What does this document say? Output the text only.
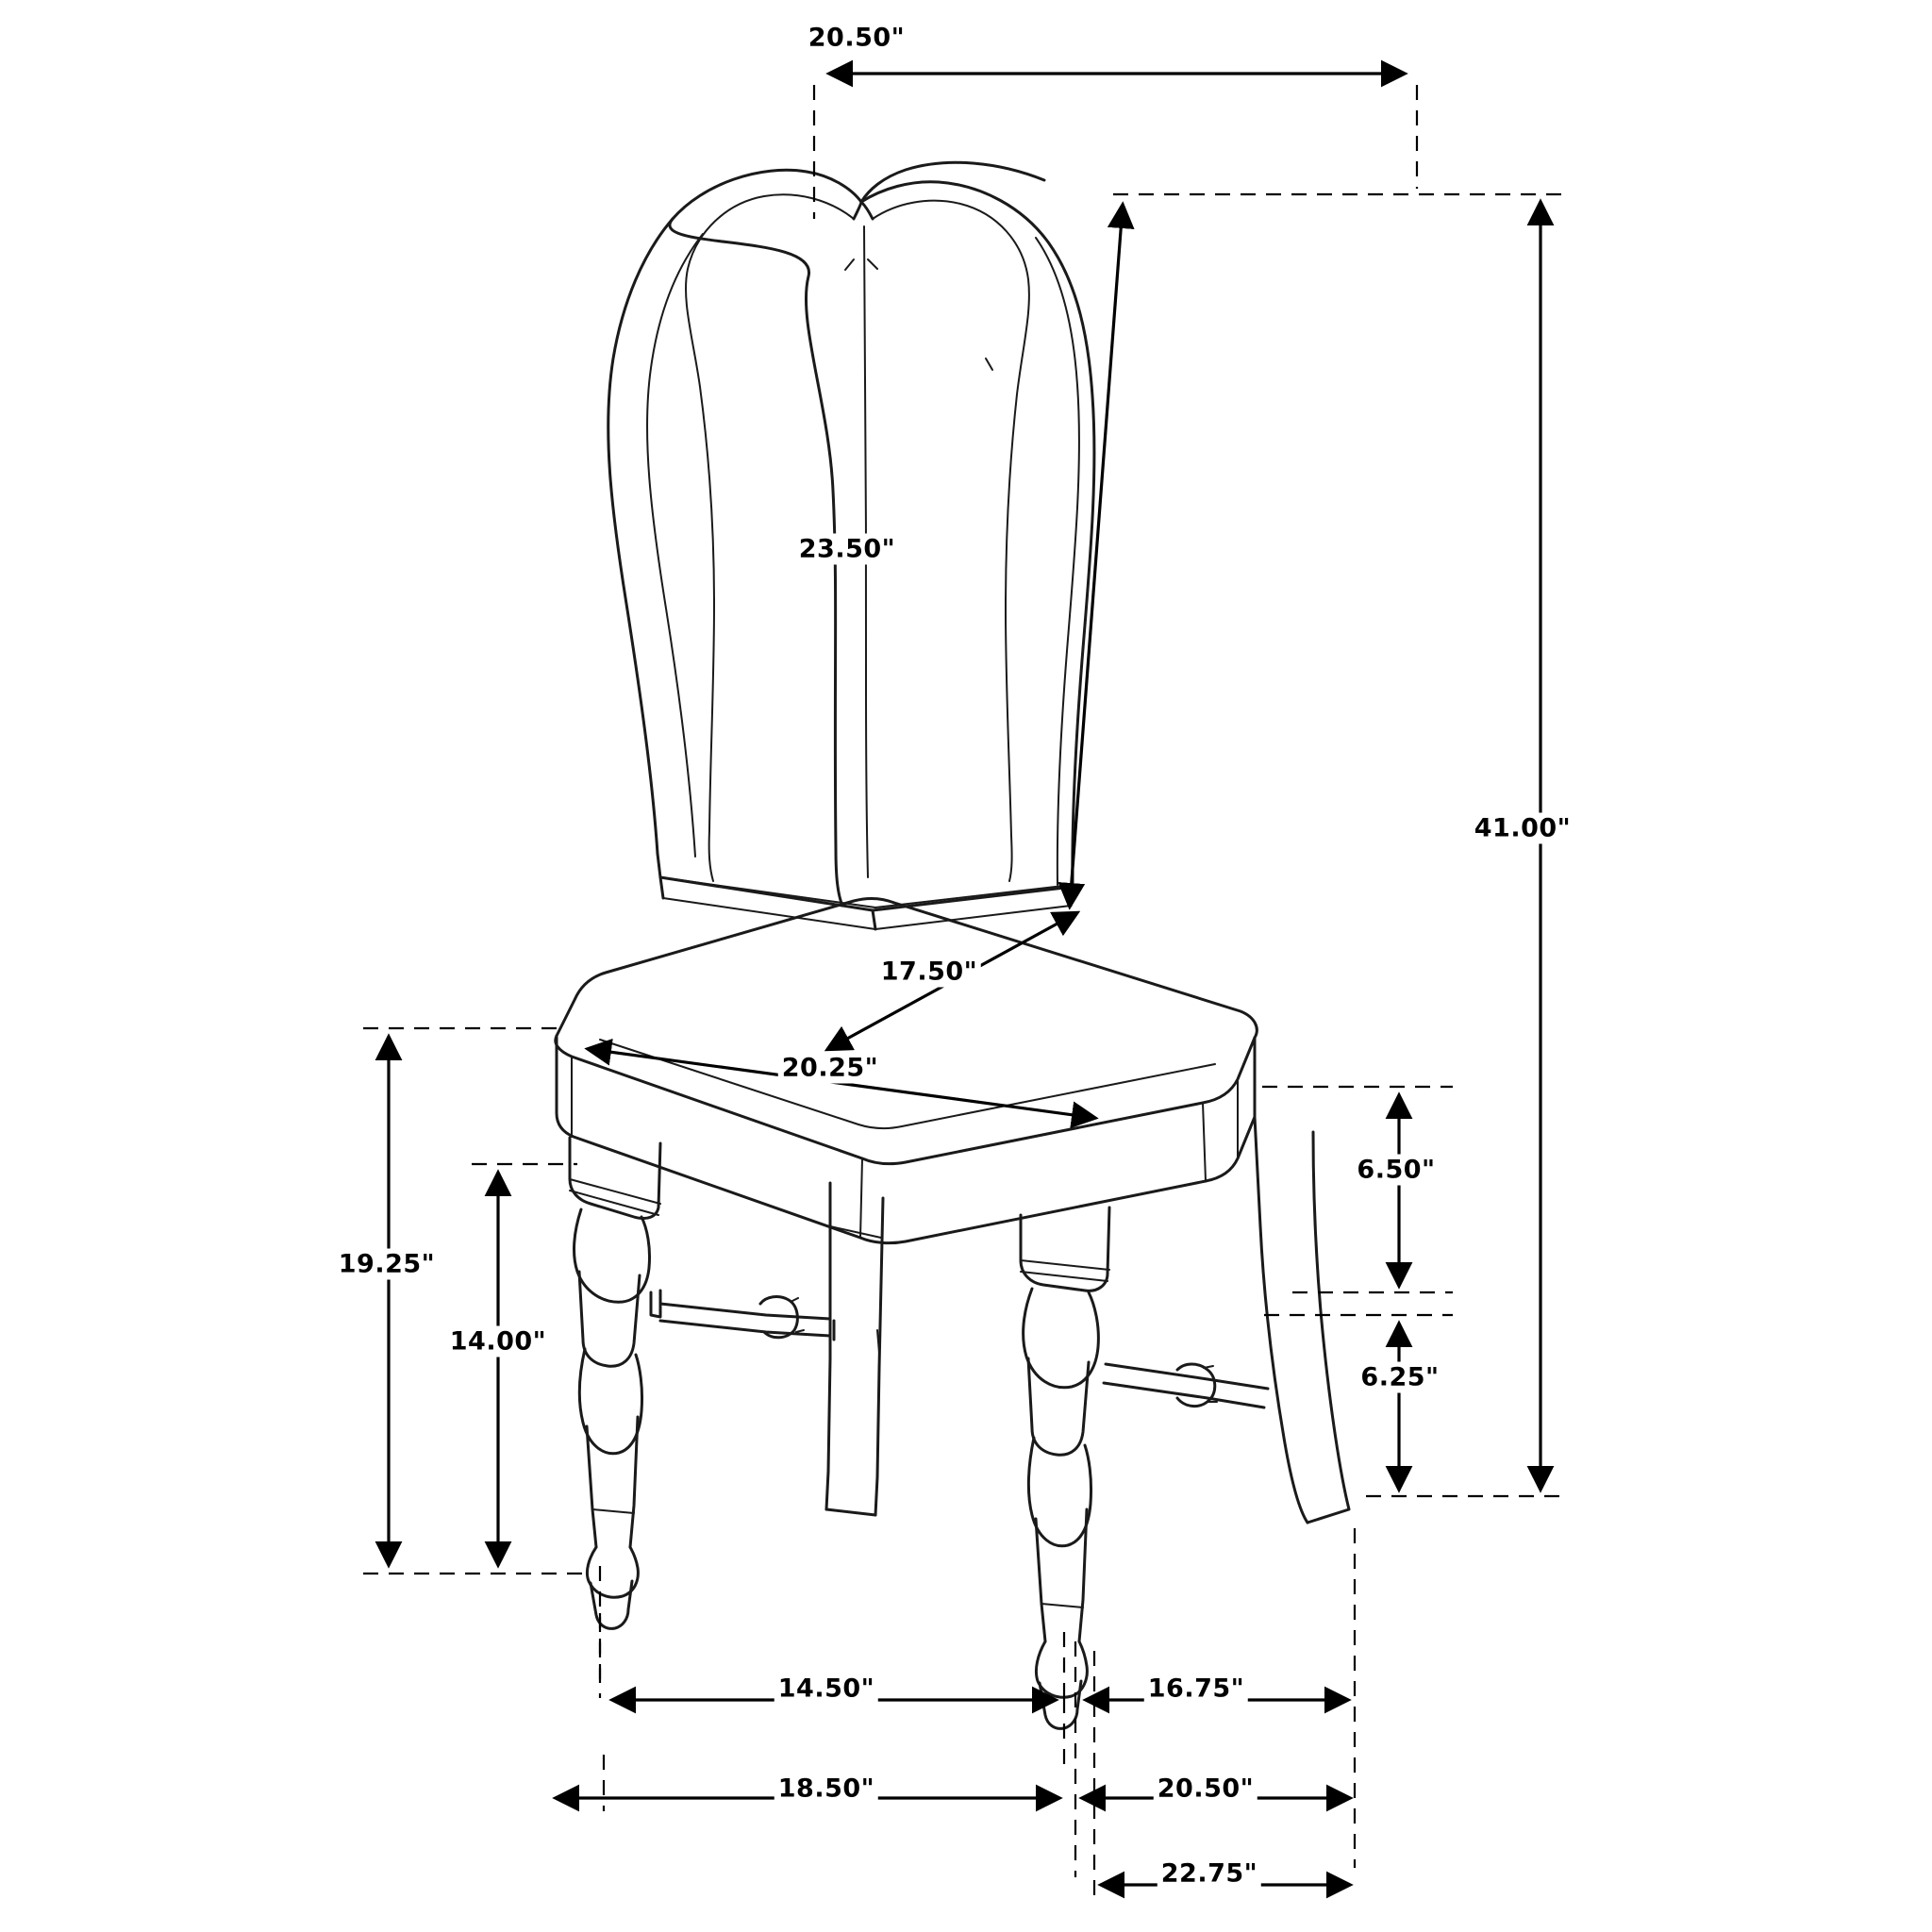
20.50"
23.50"
41.00"
17.50"
20.25"
6.50"
19.25"
14.00"
6.25"
14.50"	16.75"
18.50"	20.50"
22.75"
